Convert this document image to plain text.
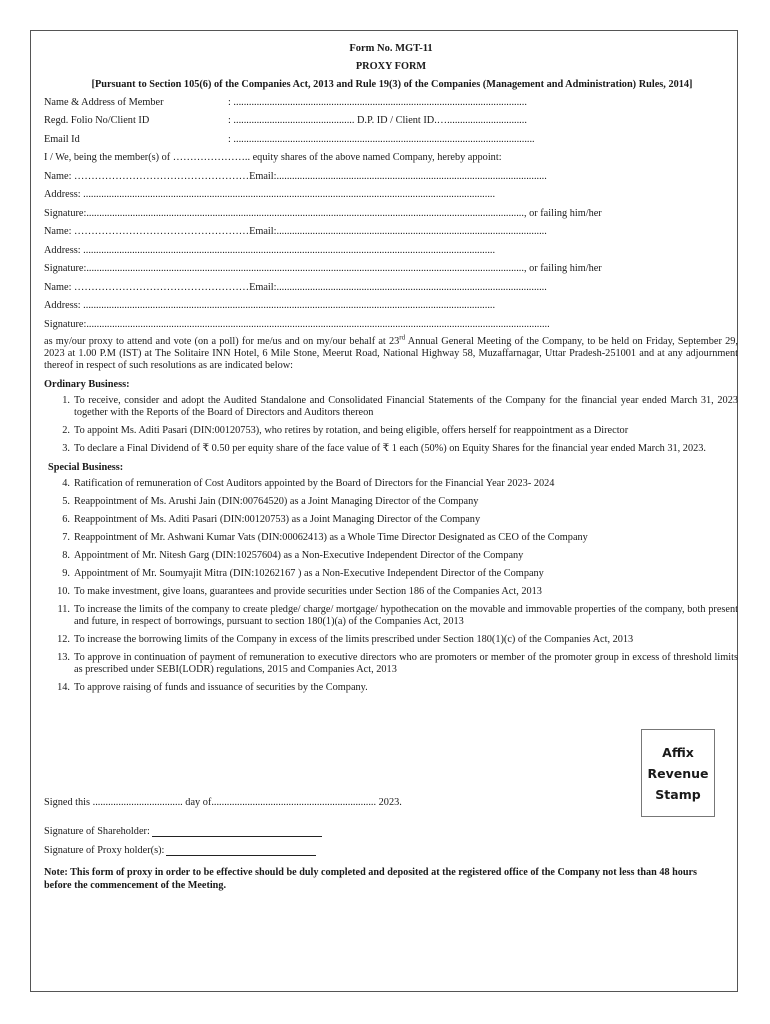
Form No. MGT-11
PROXY FORM
[Pursuant to Section 105(6) of the Companies Act, 2013 and Rule 19(3) of the Companies (Management and Administration) Rules, 2014]
Name & Address of Member	: ..................................................................................................................
Regd. Folio No/Client ID	: ............................................... D.P. ID / Client ID.…...............................
Email Id	: .....................................................................................................................
I / We, being the member(s) of ………………….. equity shares of the above named Company, hereby appoint:
Name: ……………………………………………Email:.........................................................................................................
Address: ................................................................................................................................................................
Signature:.........................................................................................................................................................................., or failing him/her
Name: ……………………………………………Email:.........................................................................................................
Address: ................................................................................................................................................................
Signature:.........................................................................................................................................................................., or failing him/her
Name: ……………………………………………Email:.........................................................................................................
Address: ................................................................................................................................................................
Signature:....................................................................................................................................................................................
as my/our proxy to attend and vote (on a poll) for me/us and on my/our behalf at 23rd Annual General Meeting of the Company, to be held on Friday, September 29, 2023 at 1.00 P.M (IST) at The Solitaire INN Hotel, 6 Mile Stone, Meerut Road, National Highway 58, Muzaffarnagar, Uttar Pradesh-251001 and at any adjournment thereof in respect of such resolutions as are indicated below:
Ordinary Business:
1. To receive, consider and adopt the Audited Standalone and Consolidated Financial Statements of the Company for the financial year ended March 31, 2023 together with the Reports of the Board of Directors and Auditors thereon
2. To appoint Ms. Aditi Pasari (DIN:00120753), who retires by rotation, and being eligible, offers herself for reappointment as a Director
3. To declare a Final Dividend of ₹ 0.50 per equity share of the face value of ₹ 1 each (50%) on Equity Shares for the financial year ended March 31, 2023.
Special Business:
4. Ratification of remuneration of Cost Auditors appointed by the Board of Directors for the Financial Year 2023- 2024
5. Reappointment of Ms. Arushi Jain (DIN:00764520) as a Joint Managing Director of the Company
6. Reappointment of Ms. Aditi Pasari (DIN:00120753) as a Joint Managing Director of the Company
7. Reappointment of Mr. Ashwani Kumar Vats (DIN:00062413) as a Whole Time Director Designated as CEO of the Company
8. Appointment of Mr. Nitesh Garg (DIN:10257604) as a Non-Executive Independent Director of the Company
9. Appointment of Mr. Soumyajit Mitra (DIN:10262167 ) as a Non-Executive Independent Director of the Company
10. To make investment, give loans, guarantees and provide securities under Section 186 of the Companies Act, 2013
11. To increase the limits of the company to create pledge/ charge/ mortgage/ hypothecation on the movable and immovable properties of the company, both present and future, in respect of borrowings, pursuant to section 180(1)(a) of the Companies Act, 2013
12. To increase the borrowing limits of the Company in excess of the limits prescribed under Section 180(1)(c) of the Companies Act, 2013
13. To approve in continuation of payment of remuneration to executive directors who are promoters or member of the promoter group in excess of threshold limits as prescribed under SEBI(LODR) regulations, 2015 and Companies Act, 2013
14. To approve raising of funds and issuance of securities by the Company.
Affix
Revenue
Stamp
Signed this ................................... day of................................................................ 2023.
Signature of Shareholder:
Signature of Proxy holder(s):
Note: This form of proxy in order to be effective should be duly completed and deposited at the registered office of the Company not less than 48 hours before the commencement of the Meeting.
